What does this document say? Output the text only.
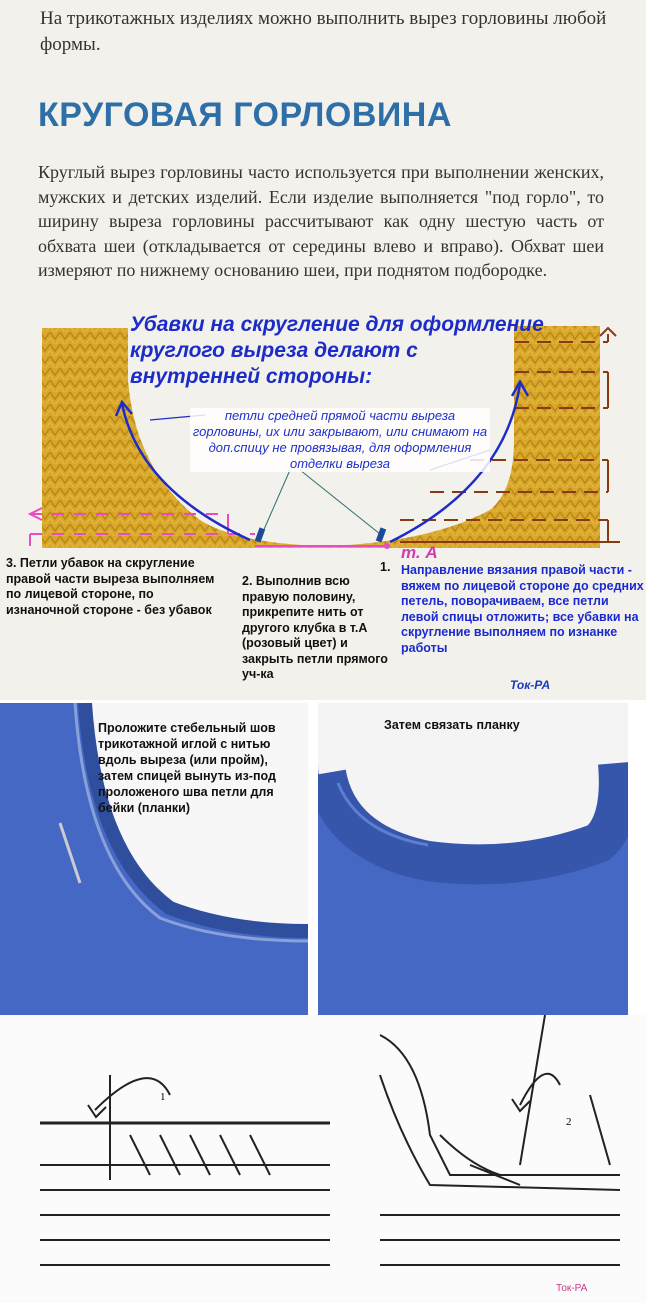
На трикотажных изделиях можно выполнить вырез горловины любой формы.
КРУГОВАЯ ГОРЛОВИНА
Круглый вырез горловины часто используется при выполнении женских, мужских и детских изделий. Если изделие выполняется "под горло", то ширину выреза горловины рассчитывают как одну шестую часть от обхвата шеи (откладывается от середины влево и вправо). Обхват шеи измеряют по нижнему основанию шеи, при поднятом подбородке.
Убавки на скругление для оформление круглого выреза делают с внутренней стороны:
петли средней прямой части выреза горловины, их или закрывают, или снимают на доп.спицу не провязывая, для оформления отделки выреза
т. А
1.
3. Петли убавок на скругление правой части выреза выполняем по лицевой стороне, по изнаночной стороне - без убавок
2. Выполнив всю правую половину, прикрепите нить от другого клубка в т.А (розовый цвет) и закрыть петли прямого уч-ка
Направление вязания правой части - вяжем по лицевой стороне до средних петель, поворачиваем, все петли левой спицы отложить; все убавки на скругление выполняем по изнанке работы
Ток-РА
Проложите стебельный шов трикотажной иглой с нитью вдоль выреза (или пройм), затем спицей вынуть из-под проложеного шва петли для бейки (планки)
Затем связать планку
1
2
Ток-РА
